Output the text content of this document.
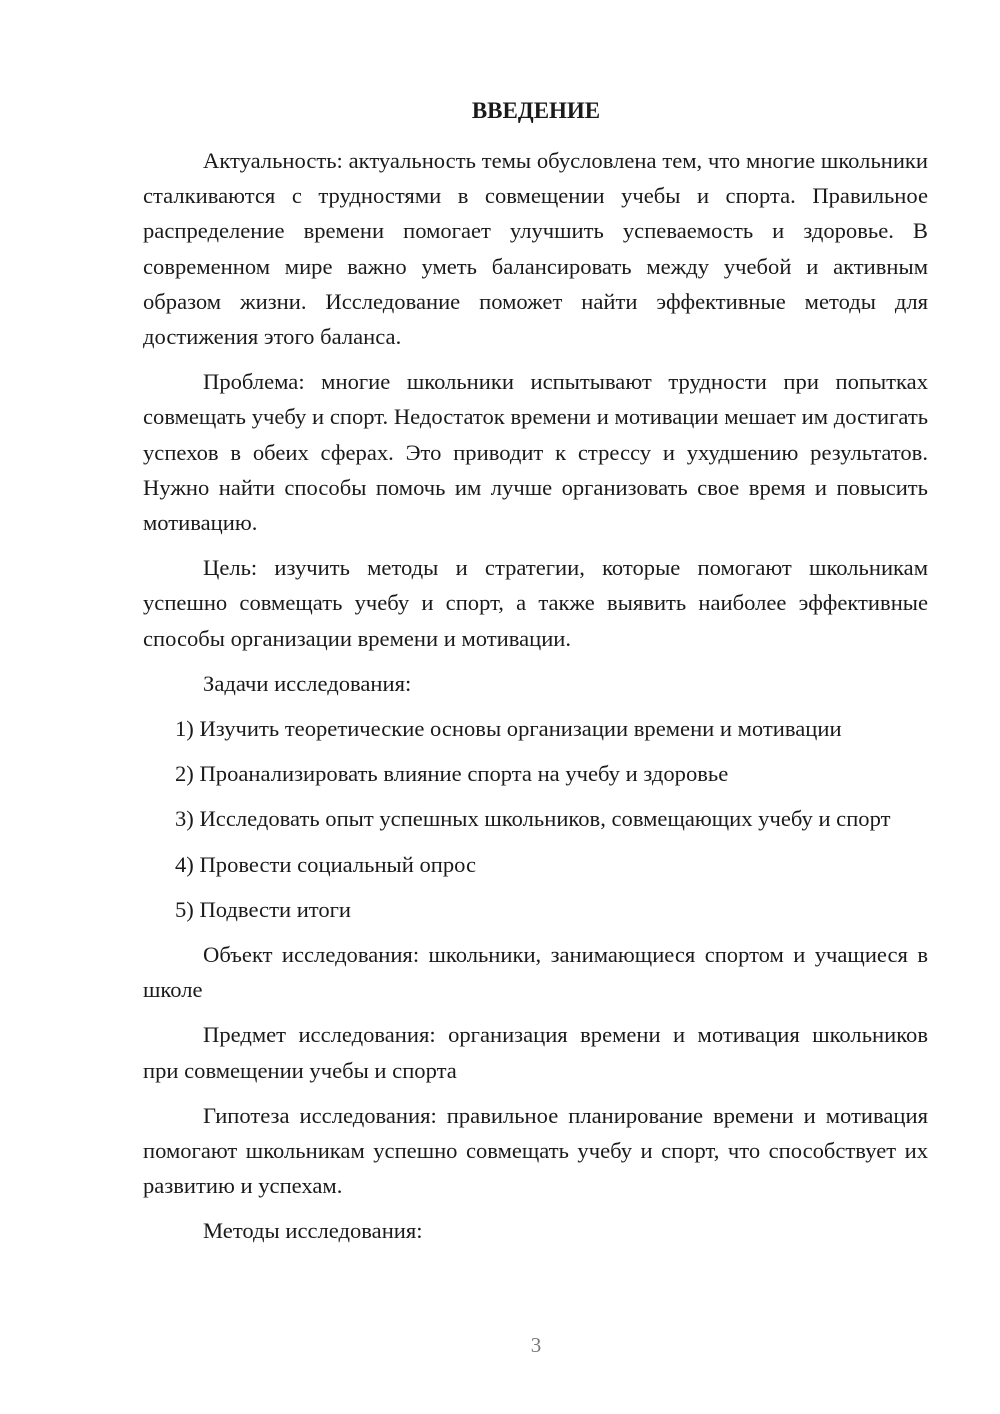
ВВЕДЕНИЕ

Актуальность: актуальность темы обусловлена тем, что многие школьники сталкиваются с трудностями в совмещении учебы и спорта. Правильное распределение времени помогает улучшить успеваемость и здоровье. В современном мире важно уметь балансировать между учебой и активным образом жизни. Исследование поможет найти эффективные методы для достижения этого баланса.

Проблема: многие школьники испытывают трудности при попытках совмещать учебу и спорт. Недостаток времени и мотивации мешает им достигать успехов в обеих сферах. Это приводит к стрессу и ухудшению результатов. Нужно найти способы помочь им лучше организовать свое время и повысить мотивацию.

Цель: изучить методы и стратегии, которые помогают школьникам успешно совмещать учебу и спорт, а также выявить наиболее эффективные способы организации времени и мотивации.

Задачи исследования:

1) Изучить теоретические основы организации времени и мотивации

2) Проанализировать влияние спорта на учебу и здоровье

3) Исследовать опыт успешных школьников, совмещающих учебу и спорт

4) Провести социальный опрос

5) Подвести итоги

Объект исследования: школьники, занимающиеся спортом и учащиеся в школе

Предмет исследования: организация времени и мотивация школьников при совмещении учебы и спорта

Гипотеза исследования: правильное планирование времени и мотивация помогают школьникам успешно совмещать учебу и спорт, что способствует их развитию и успехам.

Методы исследования:

3
